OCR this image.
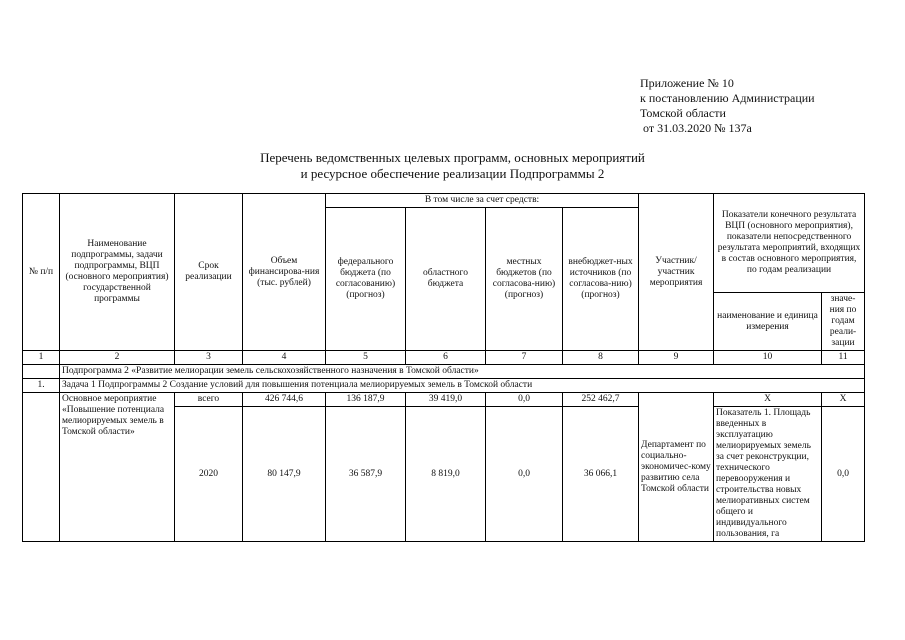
Приложение № 10
к постановлению Администрации
Томской области
от 31.03.2020 № 137а
Перечень ведомственных целевых программ, основных мероприятий
и ресурсное обеспечение реализации Подпрограммы 2
№ п/п	Наименование подпрограммы, задачи подпрограммы, ВЦП (основного мероприятия) государственной программы	Срок реализации	Объем финансирова-ния (тыс. рублей)	В том числе за счет средств:				Участник/ участник мероприятия	Показатели конечного результата ВЦП (основного мероприятия), показатели непосредственного результата мероприятий, входящих в состав основного мероприятия, по годам реализации	
				федерального бюджета (по согласованию) (прогноз)	областного бюджета	местных бюджетов (по согласова-нию) (прогноз)	внебюджет-ных источников (по согласова-нию) (прогноз)			
									наименование и единица измерения	значе-ния по годам реали-зации
1	2	3	4	5	6	7	8	9	10	11
	Подпрограмма 2 «Развитие мелиорации земель сельскохозяйственного назначения в Томской области»									
1.	Задача 1 Подпрограммы 2 Создание условий для повышения потенциала мелиорируемых земель в Томской области									
	Основное мероприятие «Повышение потенциала мелиорируемых земель в Томской области»	всего	426 744,6	136 187,9	39 419,0	0,0	252 462,7	Департамент по социально-экономичес-кому развитию села Томской области	X	X
		2020	80 147,9	36 587,9	8 819,0	0,0	36 066,1		Показатель 1. Площадь введенных в эксплуатацию мелиорируемых земель за счет реконструкции, технического перевооружения и строительства новых мелиоративных систем общего и индивидуального пользования, га	0,0
